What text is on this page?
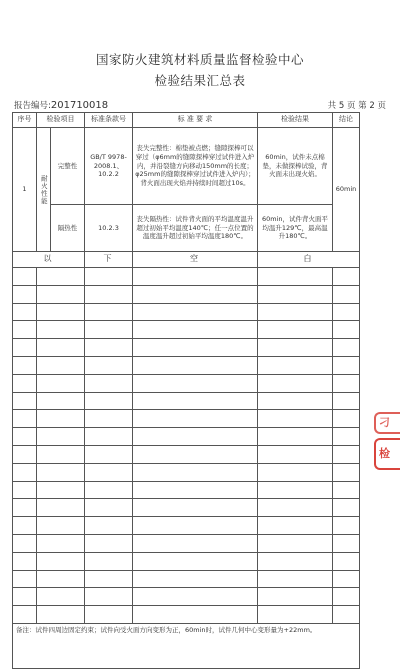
国家防火建筑材料质量监督检验中心
检验结果汇总表
报告编号:201710018	共 5 页 第 2 页
序号	检验项目		标准条款号	标 准 要 求	检验结果	结论
1	耐火性能	完整性	GB/T 9978-2008.1、10.2.2	丧失完整性：棉垫被点燃；缝隙探棒可以穿过（φ6mm的缝隙探棒穿过试件进入炉内，并沿裂缝方向移动150mm的长度；φ25mm的缝隙探棒穿过试件进入炉内）；背火面出现火焰并持续时间超过10s。	60min，试件未点棉垫，未做探棒试验，背火面未出现火焰。	60min
		隔热性	10.2.3	丧失隔热性：试件背火面的平均温度温升超过初始平均温度140℃；任一点位置的温度温升超过初始平均温度180℃。	60min，试件背火面平均温升129℃，最高温升180℃。	
以			下	空	白	

备注：试件四周边固定约束；试件向受火面方向变形为正，60min时，试件几何中心变形量为+22mm。						
刁
检
